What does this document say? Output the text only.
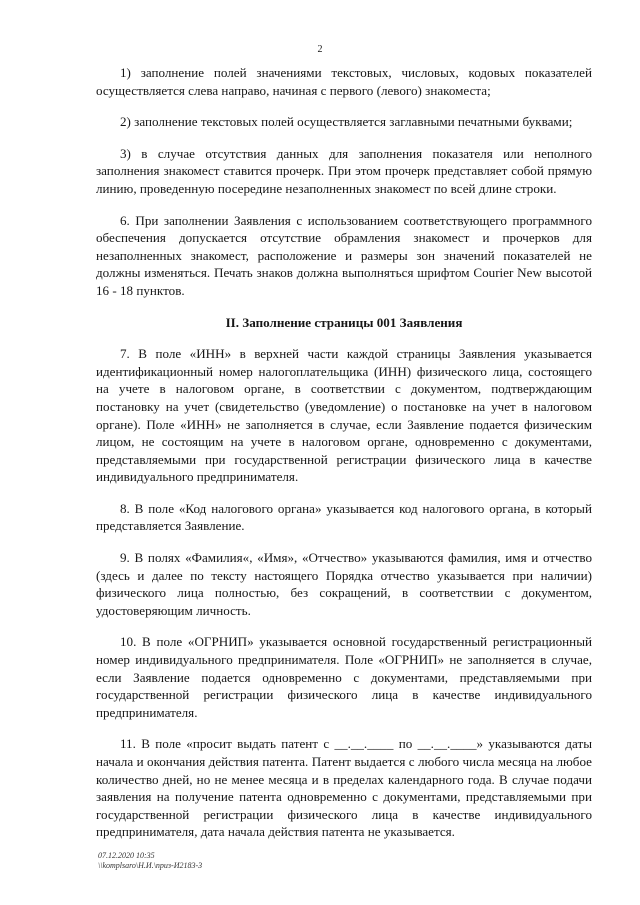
2

1) заполнение полей значениями текстовых, числовых, кодовых показателей осуществляется слева направо, начиная с первого (левого) знакоместа;

2) заполнение текстовых полей осуществляется заглавными печатными буквами;

3) в случае отсутствия данных для заполнения показателя или неполного заполнения знакомест ставится прочерк. При этом прочерк представляет собой прямую линию, проведенную посередине незаполненных знакомест по всей длине строки.

6. При заполнении Заявления с использованием соответствующего программного обеспечения допускается отсутствие обрамления знакомест и прочерков для незаполненных знакомест, расположение и размеры зон значений показателей не должны изменяться. Печать знаков должна выполняться шрифтом Courier New высотой 16 - 18 пунктов.

II. Заполнение страницы 001 Заявления

7. В поле «ИНН» в верхней части каждой страницы Заявления указывается идентификационный номер налогоплательщика (ИНН) физического лица, состоящего на учете в налоговом органе, в соответствии с документом, подтверждающим постановку на учет (свидетельство (уведомление) о постановке на учет в налоговом органе). Поле «ИНН» не заполняется в случае, если Заявление подается физическим лицом, не состоящим на учете в налоговом органе, одновременно с документами, представляемыми при государственной регистрации физического лица в качестве индивидуального предпринимателя.

8. В поле «Код налогового органа» указывается код налогового органа, в который представляется Заявление.

9. В полях «Фамилия«, «Имя», «Отчество» указываются фамилия, имя и отчество (здесь и далее по тексту настоящего Порядка отчество указывается при наличии) физического лица полностью, без сокращений, в соответствии с документом, удостоверяющим личность.

10. В поле «ОГРНИП» указывается основной государственный регистрационный номер индивидуального предпринимателя. Поле «ОГРНИП» не заполняется в случае, если Заявление подается одновременно с документами, представляемыми при государственной регистрации физического лица в качестве индивидуального предпринимателя.

11. В поле «просит выдать патент с __.__.____ по __.__.____» указываются даты начала и окончания действия патента. Патент выдается с любого числа месяца на любое количество дней, но не менее месяца и в пределах календарного года. В случае подачи заявления на получение патента одновременно с документами, представляемыми при государственной регистрации физического лица в качестве индивидуального предпринимателя, дата начала действия патента не указывается.

07.12.2020 10:35
\\komplsaro\Н.И.\приз-И2183-3
